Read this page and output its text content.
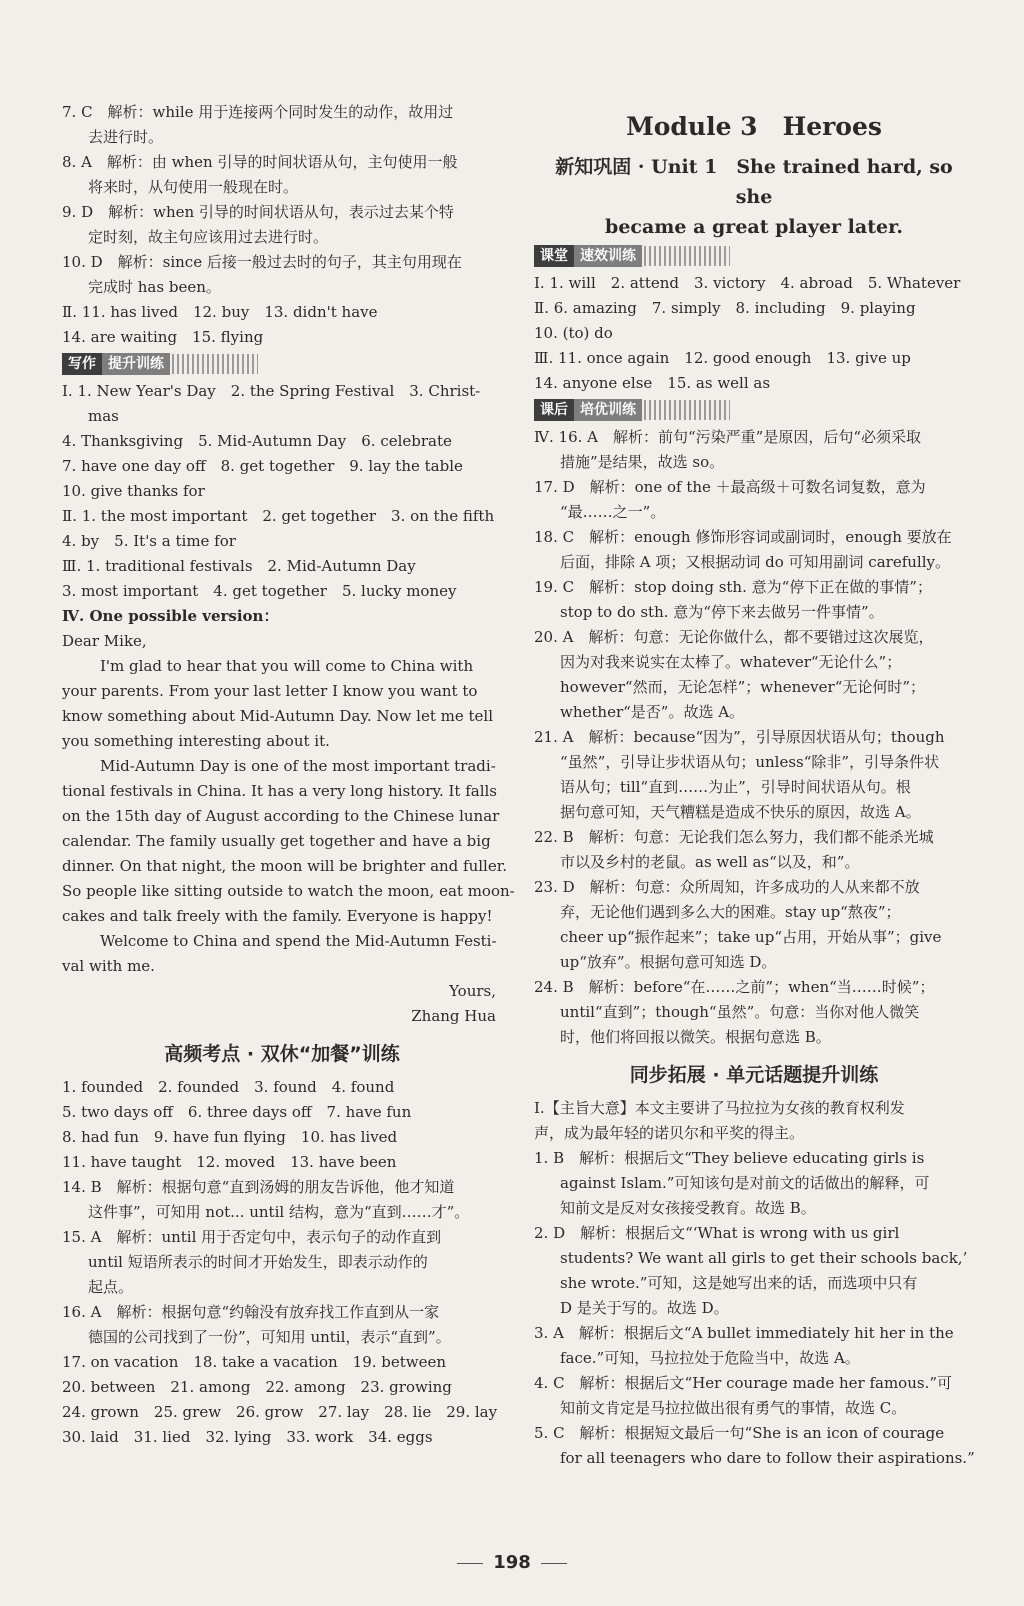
7. C　解析：while 用于连接两个同时发生的动作，故用过
去进行时。
8. A　解析：由 when 引导的时间状语从句，主句使用一般
将来时，从句使用一般现在时。
9. D　解析：when 引导的时间状语从句，表示过去某个特
定时刻，故主句应该用过去进行时。
10. D　解析：since 后接一般过去时的句子，其主句用现在
完成时 has been。
Ⅱ. 11. has lived　12. buy　13. didn't have
14. are waiting　15. flying
写作 提升训练
Ⅰ. 1. New Year's Day　2. the Spring Festival　3. Christ-
mas
4. Thanksgiving　5. Mid-Autumn Day　6. celebrate
7. have one day off　8. get together　9. lay the table
10. give thanks for
Ⅱ. 1. the most important　2. get together　3. on the fifth
4. by　5. It's a time for
Ⅲ. 1. traditional festivals　2. Mid-Autumn Day
3. most important　4. get together　5. lucky money
Ⅳ. One possible version：
Dear Mike,
I'm glad to hear that you will come to China with
your parents. From your last letter I know you want to
know something about Mid-Autumn Day. Now let me tell
you something interesting about it.
Mid-Autumn Day is one of the most important tradi-
tional festivals in China. It has a very long history. It falls
on the 15th day of August according to the Chinese lunar
calendar. The family usually get together and have a big
dinner. On that night, the moon will be brighter and fuller.
So people like sitting outside to watch the moon, eat moon-
cakes and talk freely with the family. Everyone is happy!
Welcome to China and spend the Mid-Autumn Festi-
val with me.
Yours,
Zhang Hua
高频考点 · 双休“加餐”训练
1. founded　2. founded　3. found　4. found
5. two days off　6. three days off　7. have fun
8. had fun　9. have fun flying　10. has lived
11. have taught　12. moved　13. have been
14. B　解析：根据句意“直到汤姆的朋友告诉他，他才知道
这件事”，可知用 not... until 结构，意为“直到……才”。
15. A　解析：until 用于否定句中，表示句子的动作直到
until 短语所表示的时间才开始发生，即表示动作的
起点。
16. A　解析：根据句意“约翰没有放弃找工作直到从一家
德国的公司找到了一份”，可知用 until，表示“直到”。
17. on vacation　18. take a vacation　19. between
20. between　21. among　22. among　23. growing
24. grown　25. grew　26. grow　27. lay　28. lie　29. lay
30. laid　31. lied　32. lying　33. work　34. eggs
Module 3　Heroes
新知巩固 · Unit 1　She trained hard, so she
became a great player later.
课堂 速效训练
Ⅰ. 1. will　2. attend　3. victory　4. abroad　5. Whatever
Ⅱ. 6. amazing　7. simply　8. including　9. playing
10. (to) do
Ⅲ. 11. once again　12. good enough　13. give up
14. anyone else　15. as well as
课后 培优训练
Ⅳ. 16. A　解析：前句“污染严重”是原因，后句“必须采取
措施”是结果，故选 so。
17. D　解析：one of the ＋最高级＋可数名词复数，意为
“最……之一”。
18. C　解析：enough 修饰形容词或副词时，enough 要放在
后面，排除 A 项；又根据动词 do 可知用副词 carefully。
19. C　解析：stop doing sth. 意为“停下正在做的事情”；
stop to do sth. 意为“停下来去做另一件事情”。
20. A　解析：句意：无论你做什么，都不要错过这次展览，
因为对我来说实在太棒了。whatever“无论什么”；
however“然而，无论怎样”；whenever“无论何时”；
whether“是否”。故选 A。
21. A　解析：because“因为”，引导原因状语从句；though
“虽然”，引导让步状语从句；unless“除非”，引导条件状
语从句；till“直到……为止”，引导时间状语从句。根
据句意可知，天气糟糕是造成不快乐的原因，故选 A。
22. B　解析：句意：无论我们怎么努力，我们都不能杀光城
市以及乡村的老鼠。as well as“以及，和”。
23. D　解析：句意：众所周知，许多成功的人从来都不放
弃，无论他们遇到多么大的困难。stay up“熬夜”；
cheer up“振作起来”；take up“占用，开始从事”；give
up“放弃”。根据句意可知选 D。
24. B　解析：before“在……之前”；when“当……时候”；
until“直到”；though“虽然”。句意：当你对他人微笑
时，他们将回报以微笑。根据句意选 B。
同步拓展 · 单元话题提升训练
Ⅰ.【主旨大意】本文主要讲了马拉拉为女孩的教育权利发
声，成为最年轻的诺贝尔和平奖的得主。
1. B　解析：根据后文“They believe educating girls is
against Islam.”可知该句是对前文的话做出的解释，可
知前文是反对女孩接受教育。故选 B。
2. D　解析：根据后文“‘What is wrong with us girl
students? We want all girls to get their schools back,’
she wrote.”可知，这是她写出来的话，而选项中只有
D 是关于写的。故选 D。
3. A　解析：根据后文“A bullet immediately hit her in the
face.”可知，马拉拉处于危险当中，故选 A。
4. C　解析：根据后文“Her courage made her famous.”可
知前文肯定是马拉拉做出很有勇气的事情，故选 C。
5. C　解析：根据短文最后一句“She is an icon of courage
for all teenagers who dare to follow their aspirations.”
198
